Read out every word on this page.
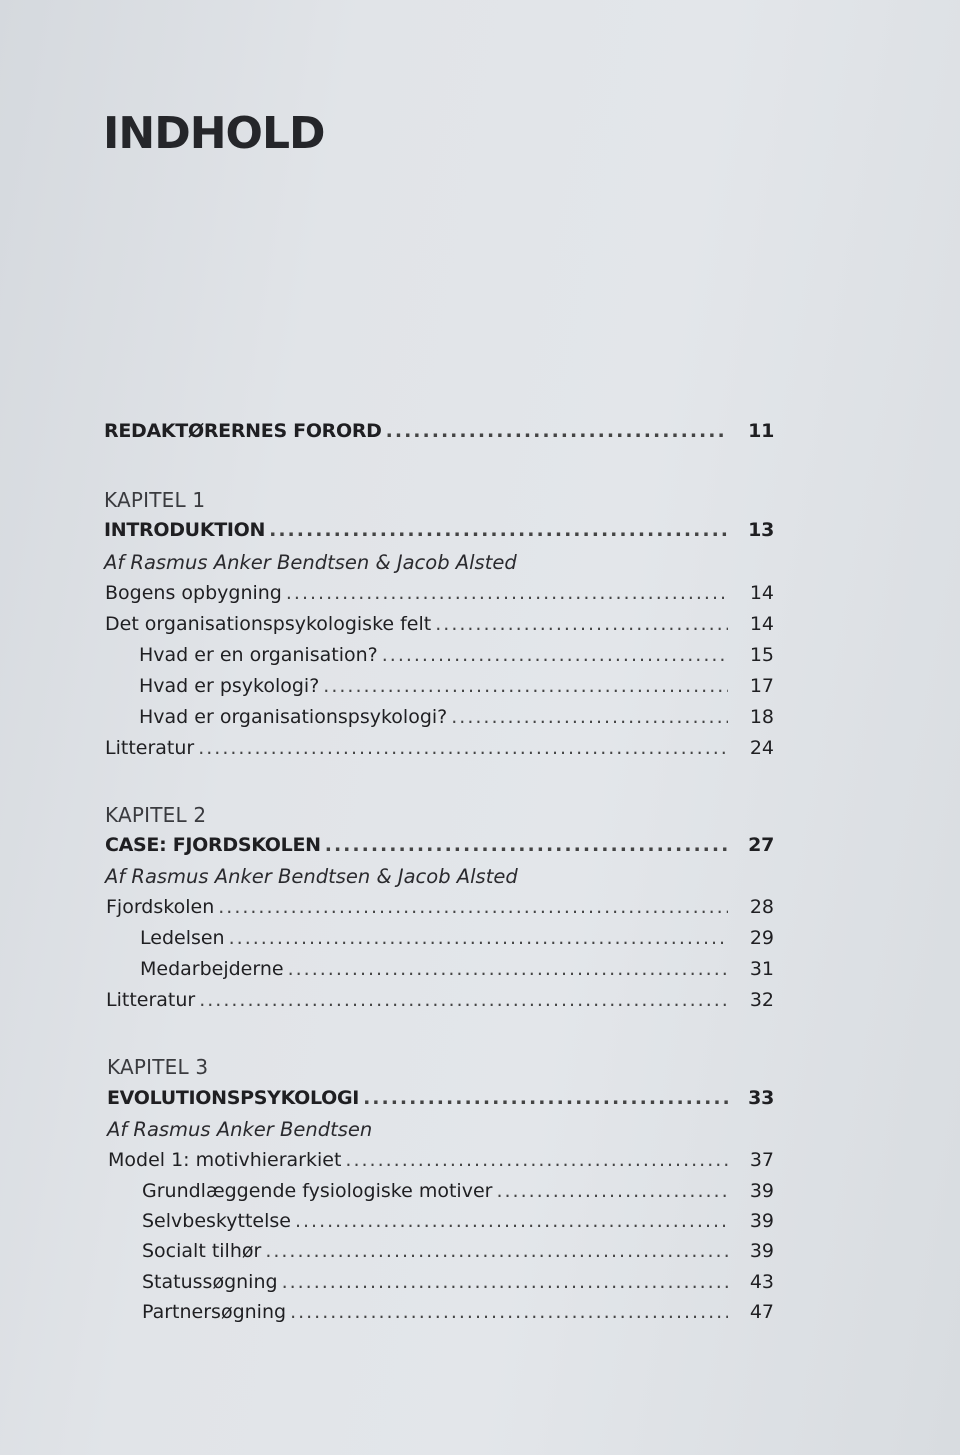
INDHOLD
REDAKTØRERNES FORORD .....	11
KAPITEL 1
INTRODUKTION .....	13
Af Rasmus Anker Bendtsen & Jacob Alsted
Bogens opbygning .....	14
Det organisationspsykologiske felt .....	14
Hvad er en organisation? .....	15
Hvad er psykologi? .....	17
Hvad er organisationspsykologi? .....	18
Litteratur .....	24
KAPITEL 2
CASE: FJORDSKOLEN .....	27
Af Rasmus Anker Bendtsen & Jacob Alsted
Fjordskolen .....	28
Ledelsen .....	29
Medarbejderne .....	31
Litteratur .....	32
KAPITEL 3
EVOLUTIONSPSYKOLOGI .....	33
Af Rasmus Anker Bendtsen
Model 1: motivhierarkiet .....	37
Grundlæggende fysiologiske motiver .....	39
Selvbeskyttelse .....	39
Socialt tilhør .....	39
Statussøgning .....	43
Partnersøgning .....	47
